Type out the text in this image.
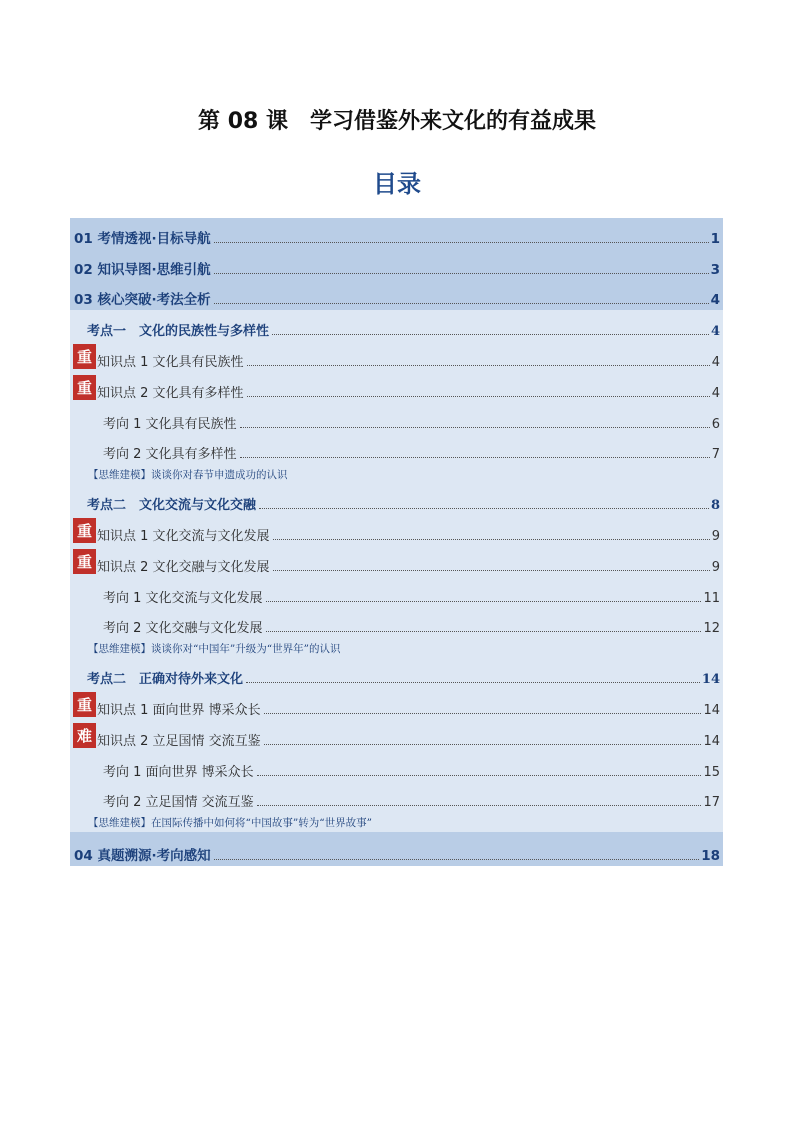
第 08 课　学习借鉴外来文化的有益成果
目录
01 考情透视·目标导航	1
02 知识导图·思维引航	3
03 核心突破·考法全析	4
考点一　文化的民族性与多样性	4
重 知识点 1 文化具有民族性	4
重 知识点 2 文化具有多样性	4
考向 1 文化具有民族性	6
考向 2 文化具有多样性	7
【思维建模】谈谈你对春节申遗成功的认识
考点二　文化交流与文化交融	8
重 知识点 1 文化交流与文化发展	9
重 知识点 2 文化交融与文化发展	9
考向 1 文化交流与文化发展	11
考向 2 文化交融与文化发展	12
【思维建模】谈谈你对“中国年”升级为“世界年”的认识
考点二　正确对待外来文化	14
重 知识点 1 面向世界 博采众长	14
难 知识点 2 立足国情 交流互鉴	14
考向 1 面向世界 博采众长	15
考向 2 立足国情 交流互鉴	17
【思维建模】在国际传播中如何将“中国故事”转为“世界故事”
04 真题溯源·考向感知	18
